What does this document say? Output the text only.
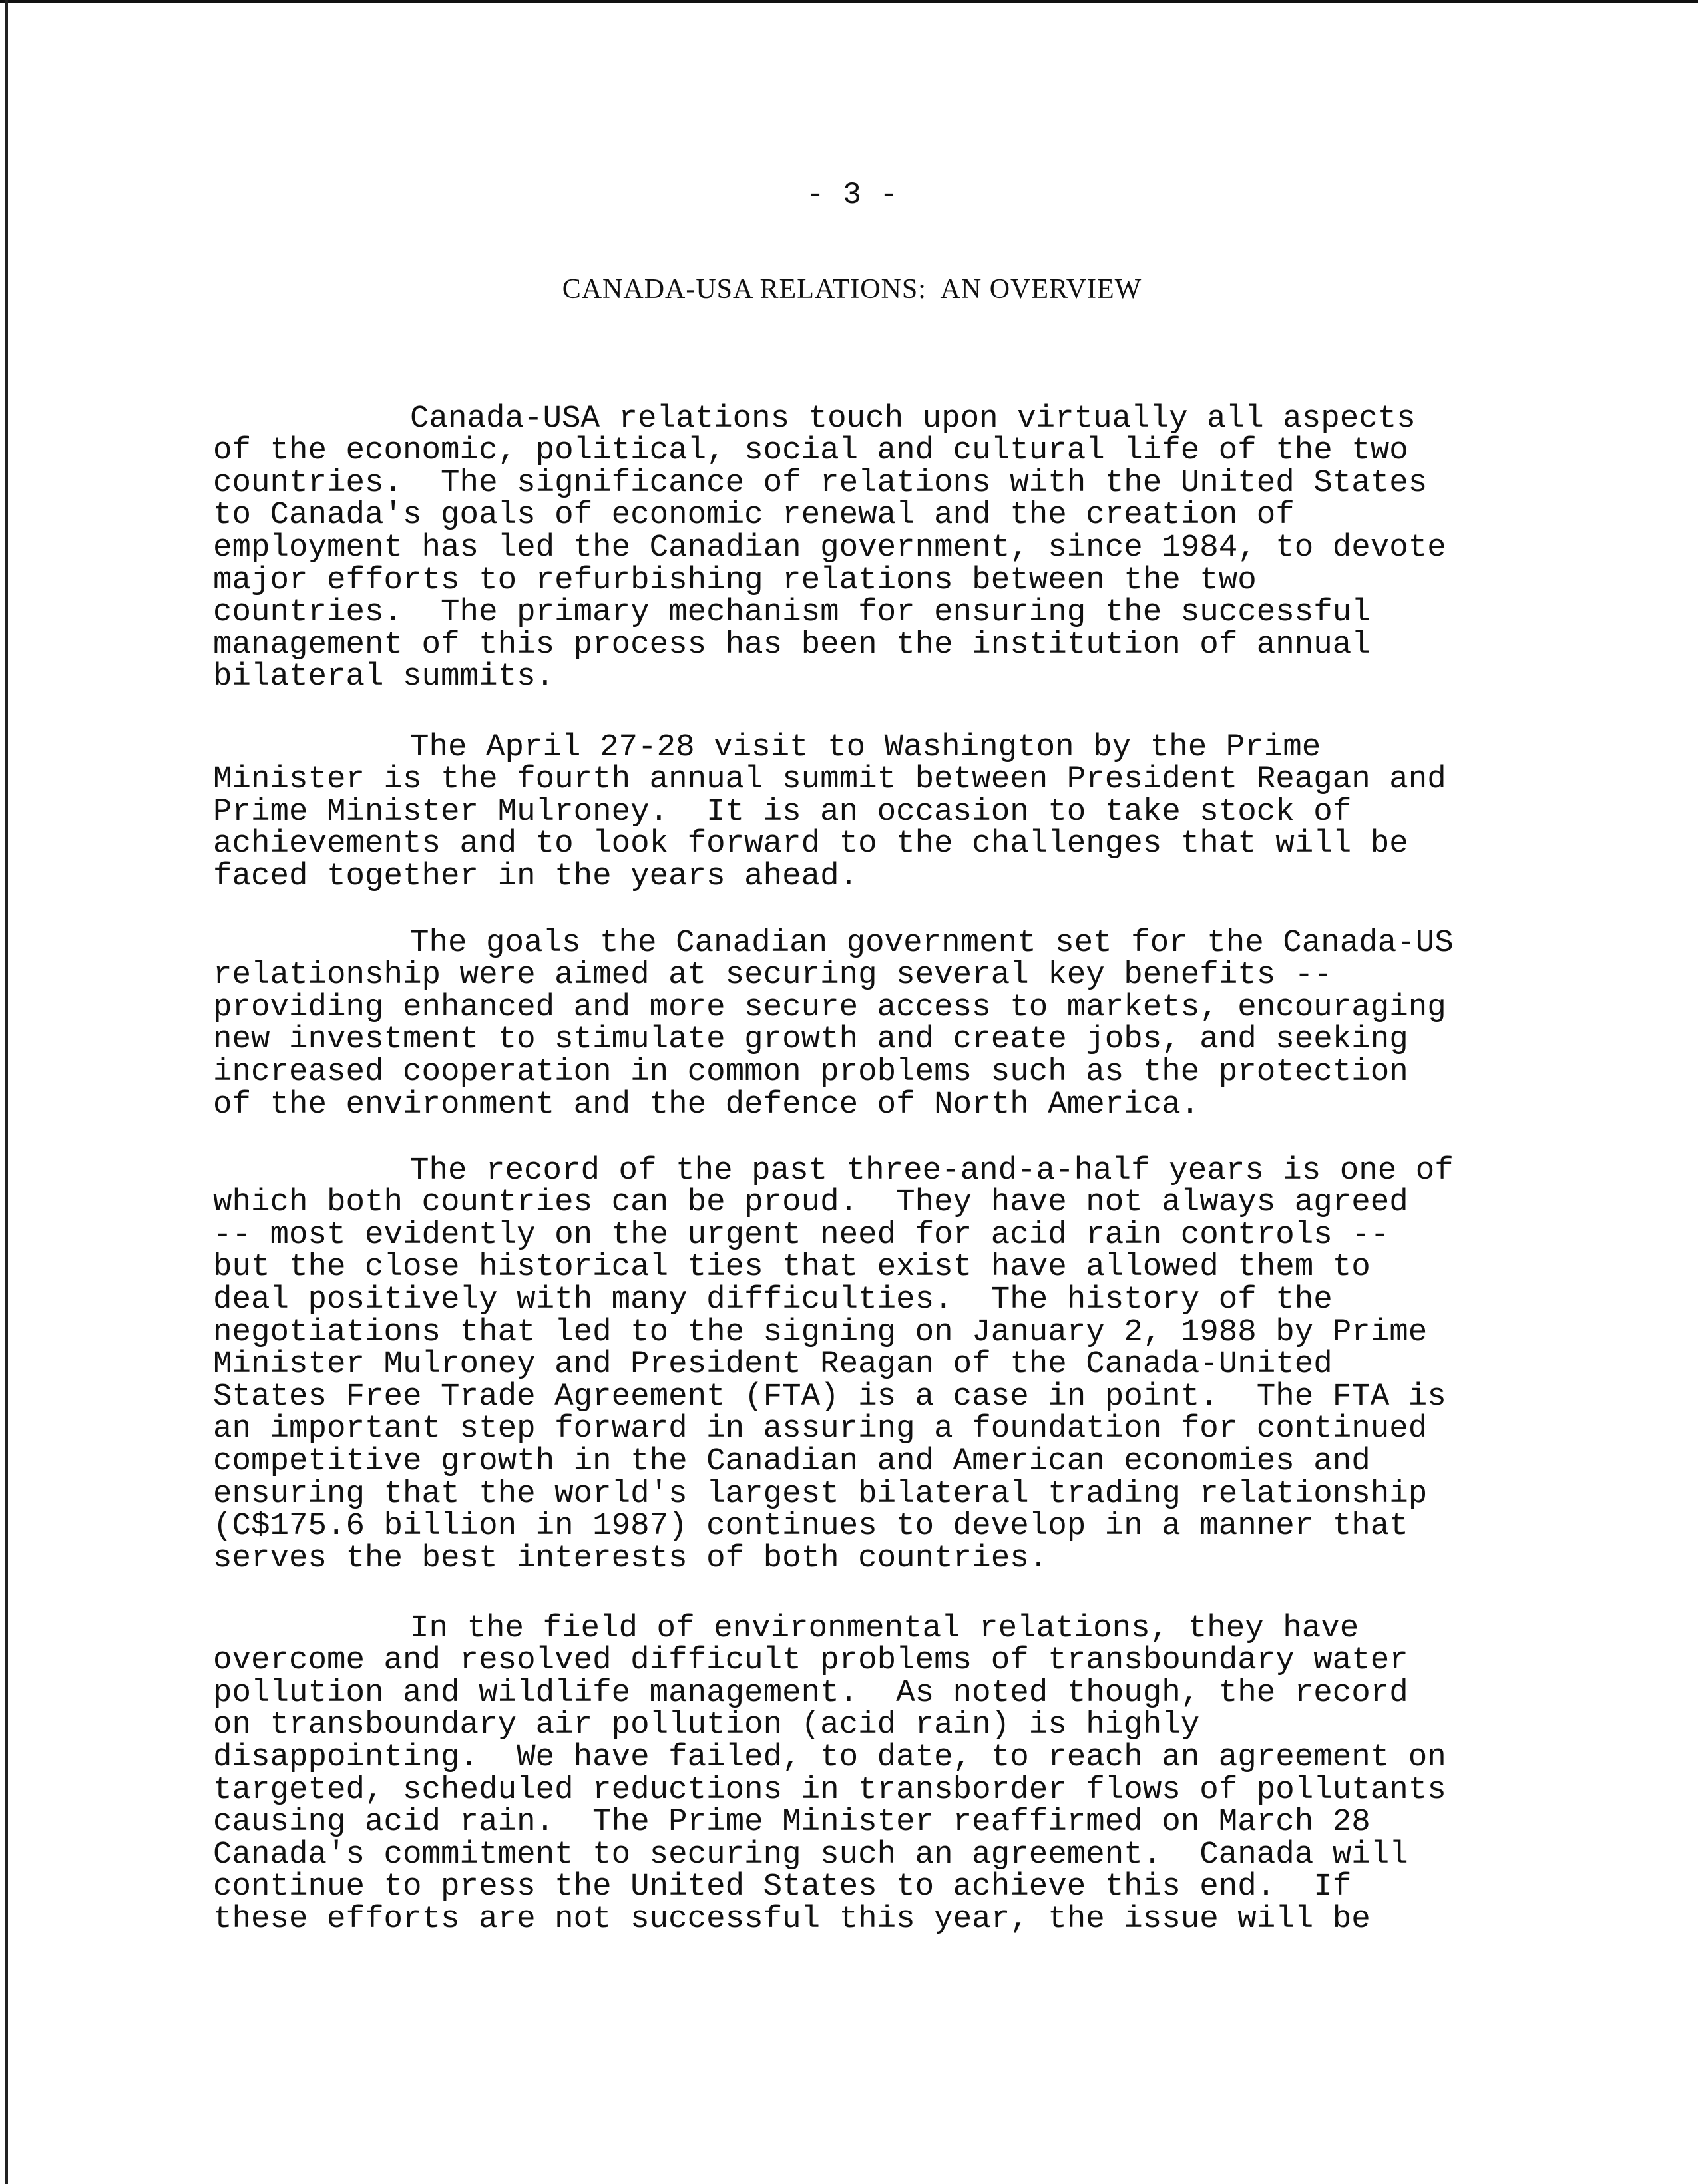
- 3 -
CANADA-USA RELATIONS:  AN OVERVIEW

Canada-USA relations touch upon virtually all aspects
of the economic, political, social and cultural life of the two
countries.  The significance of relations with the United States
to Canada's goals of economic renewal and the creation of
employment has led the Canadian government, since 1984, to devote
major efforts to refurbishing relations between the two
countries.  The primary mechanism for ensuring the successful
management of this process has been the institution of annual
bilateral summits.

The April 27-28 visit to Washington by the Prime
Minister is the fourth annual summit between President Reagan and
Prime Minister Mulroney.  It is an occasion to take stock of
achievements and to look forward to the challenges that will be
faced together in the years ahead.

The goals the Canadian government set for the Canada-US
relationship were aimed at securing several key benefits --
providing enhanced and more secure access to markets, encouraging
new investment to stimulate growth and create jobs, and seeking
increased cooperation in common problems such as the protection
of the environment and the defence of North America.

The record of the past three-and-a-half years is one of
which both countries can be proud.  They have not always agreed
-- most evidently on the urgent need for acid rain controls --
but the close historical ties that exist have allowed them to
deal positively with many difficulties.  The history of the
negotiations that led to the signing on January 2, 1988 by Prime
Minister Mulroney and President Reagan of the Canada-United
States Free Trade Agreement (FTA) is a case in point.  The FTA is
an important step forward in assuring a foundation for continued
competitive growth in the Canadian and American economies and
ensuring that the world's largest bilateral trading relationship
(C$175.6 billion in 1987) continues to develop in a manner that
serves the best interests of both countries.

In the field of environmental relations, they have
overcome and resolved difficult problems of transboundary water
pollution and wildlife management.  As noted though, the record
on transboundary air pollution (acid rain) is highly
disappointing.  We have failed, to date, to reach an agreement on
targeted, scheduled reductions in transborder flows of pollutants
causing acid rain.  The Prime Minister reaffirmed on March 28
Canada's commitment to securing such an agreement.  Canada will
continue to press the United States to achieve this end.  If
these efforts are not successful this year, the issue will be
